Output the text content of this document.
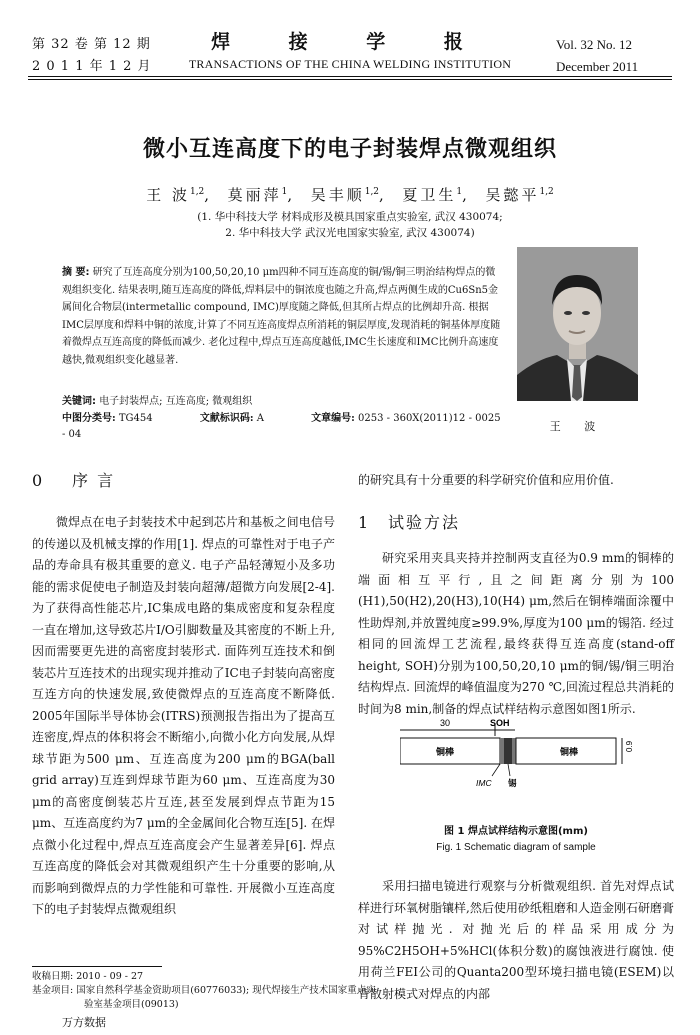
第 32 卷 第 12 期
2 0 1 1 年 1 2 月
焊 接 学 报
TRANSACTIONS OF THE CHINA WELDING INSTITUTION
Vol. 32 No. 12
December 2011
微小互连高度下的电子封装焊点微观组织
王 波$^{1,2}$, 莫丽萍$^1$, 吴丰顺$^{1,2}$, 夏卫生$^1$, 吴懿平$^{1,2}$
(1. 华中科技大学 材料成形及模具国家重点实验室, 武汉 430074;
2. 华中科技大学 武汉光电国家实验室, 武汉 430074)
摘 要: 研究了互连高度分别为100,50,20,10 μm四种不同互连高度的铜/锡/铜三明治结构焊点的微观组织变化. 结果表明,随互连高度的降低,焊料层中的铜浓度也随之升高,焊点两侧生成的Cu6Sn5金属间化合物层(intermetallic compound, IMC)厚度随之降低,但其所占焊点的比例却升高. 根据IMC层厚度和焊料中铜的浓度,计算了不同互连高度焊点所消耗的铜层厚度,发现消耗的铜基体厚度随着微焊点互连高度的降低而减少. 老化过程中,焊点互连高度越低,IMC生长速度和IMC比例升高速度越快,微观组织变化越显著.
关键词: 电子封装焊点; 互连高度; 微观组织
中图分类号: TG454	文献标识码: A	文章编号: 0253 - 360X(2011)12 - 0025 - 04
王 波
0 序 言
微焊点在电子封装技术中起到芯片和基板之间电信号的传递以及机械支撑的作用[1]. 焊点的可靠性对于电子产品的寿命具有极其重要的意义. 电子产品轻薄短小及多功能的需求促使电子制造及封装向超薄/超微方向发展[2-4]. 为了获得高性能芯片,IC集成电路的集成密度和复杂程度一直在增加,这导致芯片I/O引脚数量及其密度的不断上升,因而需要更先进的高密度封装形式. 面阵列互连技术和倒装芯片互连技术的出现实现并推动了IC电子封装向高密度互连方向的快速发展,致使微焊点的互连高度不断降低. 2005年国际半导体协会(ITRS)预测报告指出为了提高互连密度,焊点的体积将会不断缩小,向微小化方向发展,从焊球节距为500 μm、互连高度为200 μm的BGA(ball grid array)互连到焊球节距为60 μm、互连高度为30 μm的高密度倒装芯片互连,甚至发展到焊点节距为15 μm、互连高度约为7 μm的全金属间化合物互连[5]. 在焊点微小化过程中,焊点互连高度会产生显著差异[6]. 焊点互连高度的降低会对其微观组织产生十分重要的影响,从而影响到微焊点的力学性能和可靠性. 开展微小互连高度下的电子封装焊点微观组织
收稿日期: 2010 - 09 - 27
基金项目: 国家自然科学基金资助项目(60776033); 现代焊接生产技术国家重点实验室基金项目(09013)
万方数据
的研究具有十分重要的科学研究价值和应用价值.
1 试验方法
研究采用夹具夹持并控制两支直径为0.9 mm的铜棒的端面相互平行,且之间距离分别为100 (H1),50(H2),20(H3),10(H4) μm,然后在铜棒端面涂覆中性助焊剂,并放置纯度≥99.9%,厚度为100 μm的锡箔. 经过相同的回流焊工艺流程,最终获得互连高度(stand-off height, SOH)分别为100,50,20,10 μm的铜/锡/铜三明治结构焊点. 回流焊的峰值温度为270 ℃,回流过程总共消耗的时间为8 min,制备的焊点试样结构示意图如图1所示.
30	SOH
铜棒	铜棒
0.9
IMC 锡
图 1 焊点试样结构示意图(mm)
Fig. 1 Schematic diagram of sample
采用扫描电镜进行观察与分析微观组织. 首先对焊点试样进行环氧树脂镶样,然后使用砂纸粗磨和人造金刚石研磨膏对试样抛光. 对抛光后的样品采用成分为95%C2H5OH+5%HCl(体积分数)的腐蚀液进行腐蚀. 使用荷兰FEI公司的Quanta200型环境扫描电镜(ESEM)以背散射模式对焊点的内部
